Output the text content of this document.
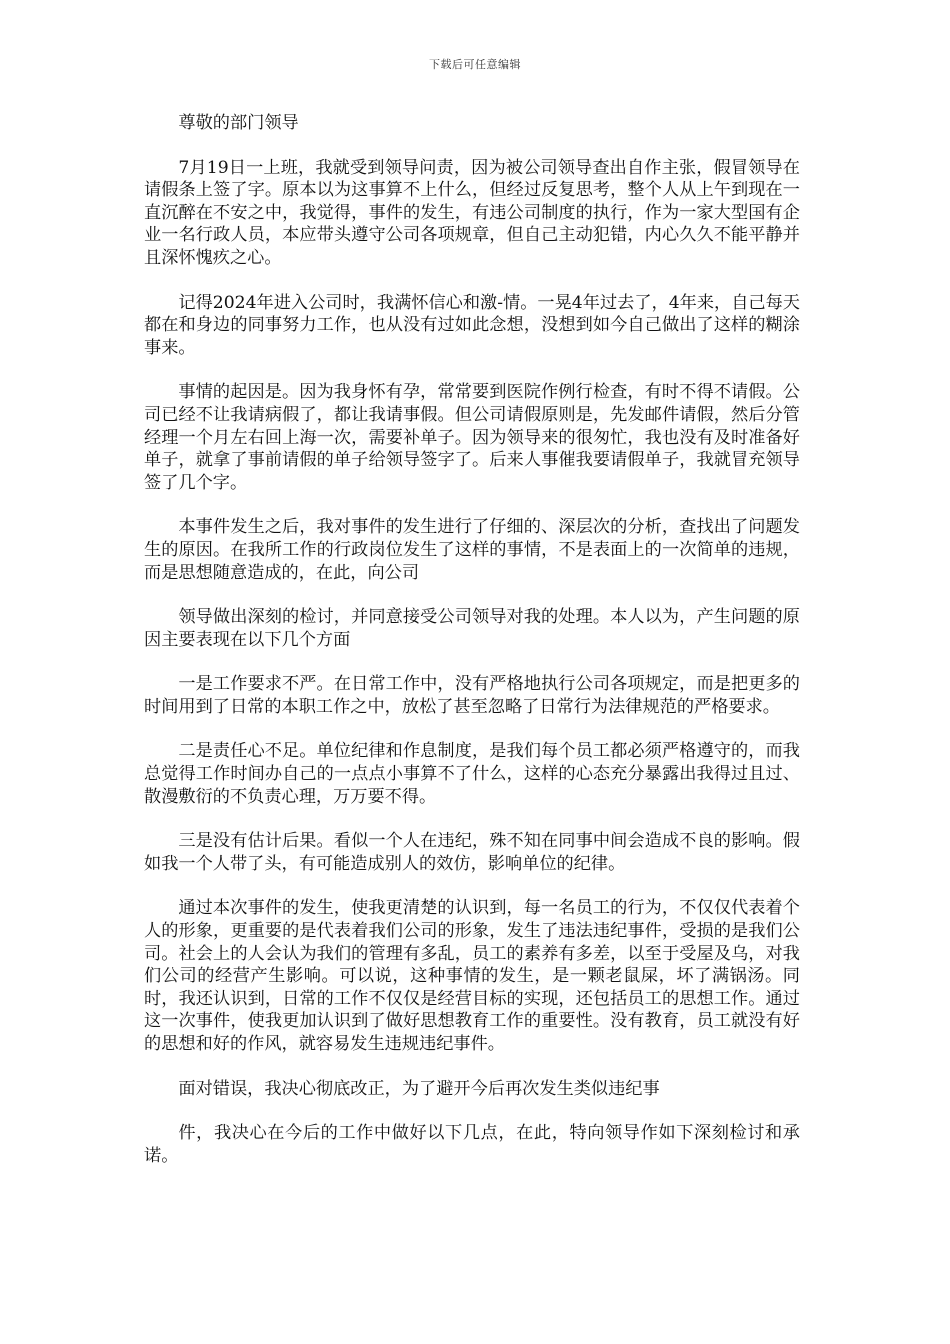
下载后可任意编辑

尊敬的部门领导

7月19日一上班，我就受到领导问责，因为被公司领导查出自作主张，假冒领导在请假条上签了字。原本以为这事算不上什么，但经过反复思考，整个人从上午到现在一直沉醉在不安之中，我觉得，事件的发生，有违公司制度的执行，作为一家大型国有企业一名行政人员，本应带头遵守公司各项规章，但自己主动犯错，内心久久不能平静并且深怀愧疚之心。

记得2024年进入公司时，我满怀信心和激-情。一晃4年过去了，4年来，自己每天都在和身边的同事努力工作，也从没有过如此念想，没想到如今自己做出了这样的糊涂事来。

事情的起因是。因为我身怀有孕，常常要到医院作例行检查，有时不得不请假。公司已经不让我请病假了，都让我请事假。但公司请假原则是，先发邮件请假，然后分管经理一个月左右回上海一次，需要补单子。因为领导来的很匆忙，我也没有及时准备好单子，就拿了事前请假的单子给领导签字了。后来人事催我要请假单子，我就冒充领导签了几个字。

本事件发生之后，我对事件的发生进行了仔细的、深层次的分析，查找出了问题发生的原因。在我所工作的行政岗位发生了这样的事情，不是表面上的一次简单的违规，而是思想随意造成的，在此，向公司

领导做出深刻的检讨，并同意接受公司领导对我的处理。本人以为，产生问题的原因主要表现在以下几个方面

一是工作要求不严。在日常工作中，没有严格地执行公司各项规定，而是把更多的时间用到了日常的本职工作之中，放松了甚至忽略了日常行为法律规范的严格要求。

二是责任心不足。单位纪律和作息制度，是我们每个员工都必须严格遵守的，而我总觉得工作时间办自己的一点点小事算不了什么，这样的心态充分暴露出我得过且过、散漫敷衍的不负责心理，万万要不得。

三是没有估计后果。看似一个人在违纪，殊不知在同事中间会造成不良的影响。假如我一个人带了头，有可能造成别人的效仿，影响单位的纪律。

通过本次事件的发生，使我更清楚的认识到，每一名员工的行为，不仅仅代表着个人的形象，更重要的是代表着我们公司的形象，发生了违法违纪事件，受损的是我们公司。社会上的人会认为我们的管理有多乱，员工的素养有多差，以至于受屋及乌，对我们公司的经营产生影响。可以说，这种事情的发生，是一颗老鼠屎，坏了满锅汤。同时，我还认识到，日常的工作不仅仅是经营目标的实现，还包括员工的思想工作。通过这一次事件，使我更加认识到了做好思想教育工作的重要性。没有教育，员工就没有好的思想和好的作风，就容易发生违规违纪事件。

面对错误，我决心彻底改正，为了避开今后再次发生类似违纪事

件，我决心在今后的工作中做好以下几点，在此，特向领导作如下深刻检讨和承诺。
